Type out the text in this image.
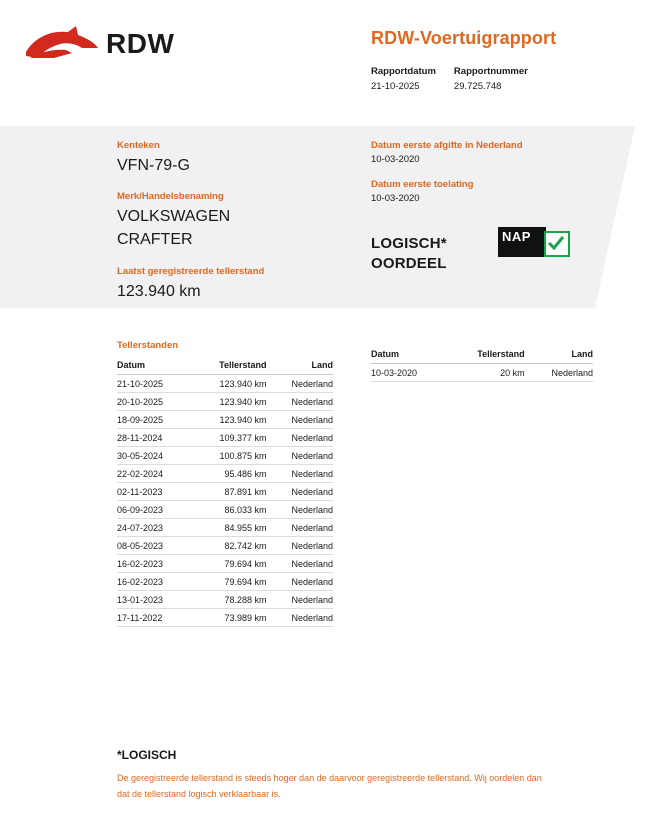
RDW	RDW-Voertuigrapport
Rapportdatum
21-10-2025
Rapportnummer
29.725.748
Kenteken
VFN-79-G
Merk/Handelsbenaming
VOLKSWAGEN
CRAFTER
Laatst geregistreerde tellerstand
123.940 km
Datum eerste afgifte in Nederland
10-03-2020
Datum eerste toelating
10-03-2020
LOGISCH*
OORDEEL
NAP
Tellerstanden
Datum	Tellerstand	Land
21-10-2025	123.940 km	Nederland
20-10-2025	123.940 km	Nederland
18-09-2025	123.940 km	Nederland
28-11-2024	109.377 km	Nederland
30-05-2024	100.875 km	Nederland
22-02-2024	95.486 km	Nederland
02-11-2023	87.891 km	Nederland
06-09-2023	86.033 km	Nederland
24-07-2023	84.955 km	Nederland
08-05-2023	82.742 km	Nederland
16-02-2023	79.694 km	Nederland
16-02-2023	79.694 km	Nederland
13-01-2023	78.288 km	Nederland
17-11-2022	73.989 km	Nederland
Datum	Tellerstand	Land
10-03-2020	20 km	Nederland
*LOGISCH
De geregistreerde tellerstand is steeds hoger dan de daarvoor geregistreerde tellerstand. Wij oordelen dan
dat de tellerstand logisch verklaarbaar is.
